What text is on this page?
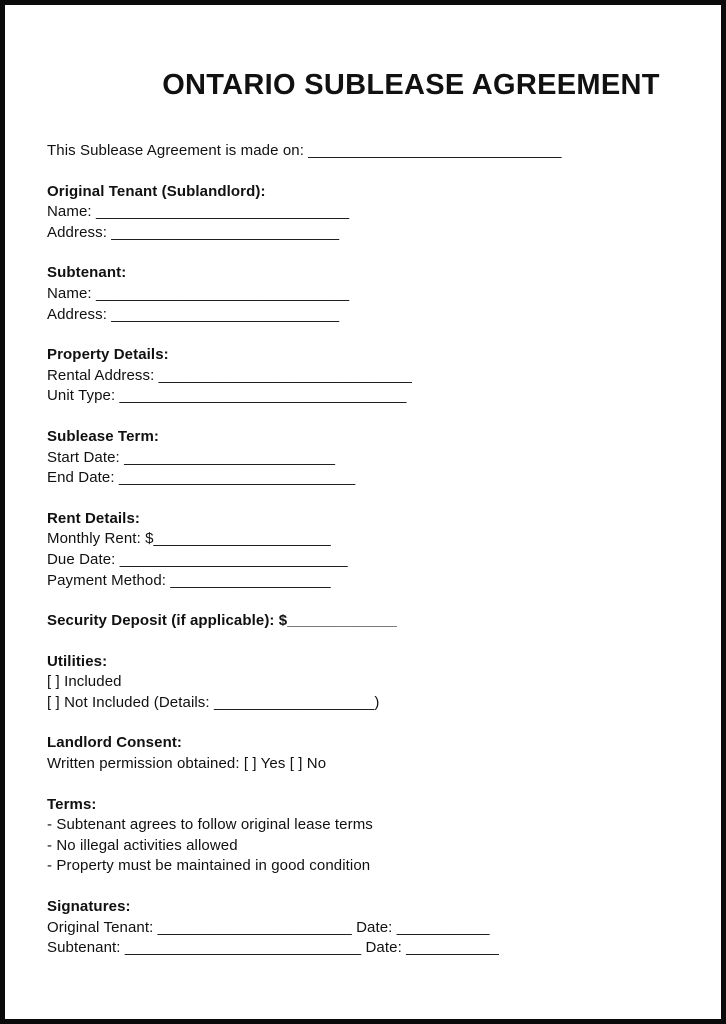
ONTARIO SUBLEASE AGREEMENT

This Sublease Agreement is made on: ______________________________

Original Tenant (Sublandlord):
Name: ______________________________
Address: ___________________________
Subtenant:
Name: ______________________________
Address: ___________________________
Property Details:
Rental Address: ______________________________
Unit Type: __________________________________
Sublease Term:
Start Date: _________________________
End Date: ____________________________
Rent Details:
Monthly Rent: $_____________________
Due Date: ___________________________
Payment Method: ___________________
Security Deposit (if applicable): $_____________
Utilities:
[ ] Included
[ ] Not Included (Details: ___________________)
Landlord Consent:
Written permission obtained: [ ] Yes [ ] No
Terms:
- Subtenant agrees to follow original lease terms
- No illegal activities allowed
- Property must be maintained in good condition
Signatures:
Original Tenant: _______________________ Date: ___________
Subtenant: ____________________________ Date: ___________
